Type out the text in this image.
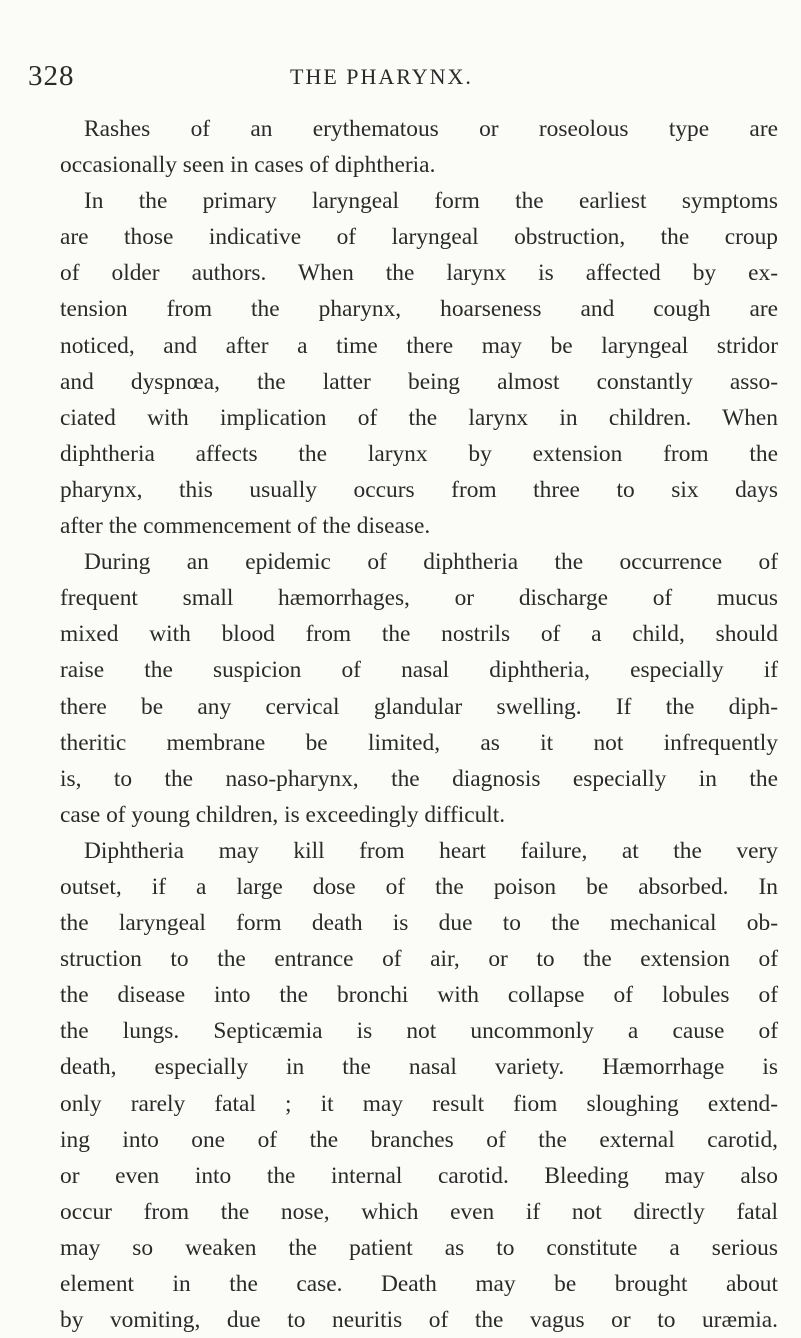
328	THE PHARYNX.
Rashes of an erythematous or roseolous type are
occasionally seen in cases of diphtheria.
In the primary laryngeal form the earliest symptoms
are those indicative of laryngeal obstruction, the croup
of older authors. When the larynx is affected by ex-
tension from the pharynx, hoarseness and cough are
noticed, and after a time there may be laryngeal stridor
and dyspnœa, the latter being almost constantly asso-
ciated with implication of the larynx in children. When
diphtheria affects the larynx by extension from the
pharynx, this usually occurs from three to six days
after the commencement of the disease.
During an epidemic of diphtheria the occurrence of
frequent small hæmorrhages, or discharge of mucus
mixed with blood from the nostrils of a child, should
raise the suspicion of nasal diphtheria, especially if
there be any cervical glandular swelling. If the diph-
theritic membrane be limited, as it not infrequently
is, to the naso-pharynx, the diagnosis especially in the
case of young children, is exceedingly difficult.
Diphtheria may kill from heart failure, at the very
outset, if a large dose of the poison be absorbed. In
the laryngeal form death is due to the mechanical ob-
struction to the entrance of air, or to the extension of
the disease into the bronchi with collapse of lobules of
the lungs. Septicæmia is not uncommonly a cause of
death, especially in the nasal variety. Hæmorrhage is
only rarely fatal ; it may result fiom sloughing extend-
ing into one of the branches of the external carotid,
or even into the internal carotid. Bleeding may also
occur from the nose, which even if not directly fatal
may so weaken the patient as to constitute a serious
element in the case. Death may be brought about
by vomiting, due to neuritis of the vagus or to uræmia.
